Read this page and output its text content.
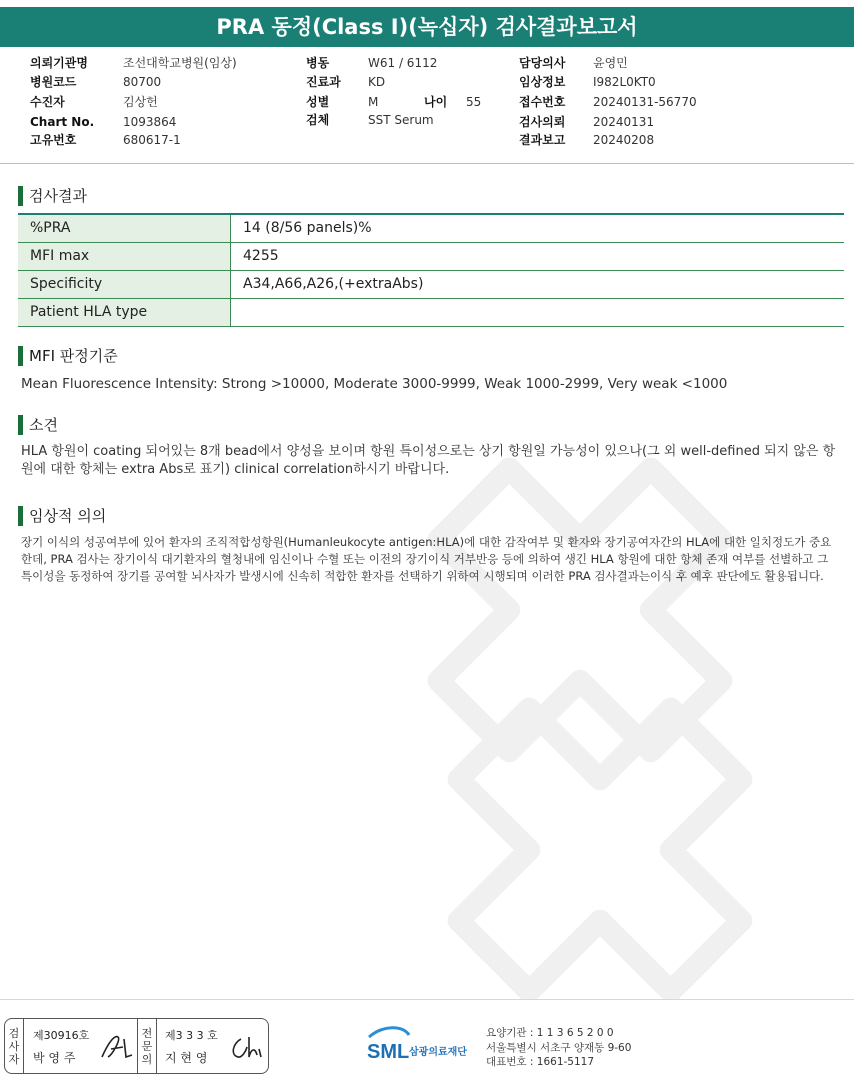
PRA 동정(Class I)(녹십자) 검사결과보고서
의뢰기관명	조선대학교병원(임상)
병원코드	80700
수진자	김상헌
Chart No. 1093864
고유번호	680617-1
병동	W61 / 6112
진료과 KD
성별	M	나이 55
검체	SST Serum
담당의사 윤영민
임상정보 I982L0KT0
접수번호 20240131-56770
검사의뢰 20240131
결과보고 20240208
검사결과
%PRA	14 (8/56 panels)%
MFI max	4255
Specificity	A34,A66,A26,(+extraAbs)
Patient HLA type	
MFI 판정기준
Mean Fluorescence Intensity: Strong >10000, Moderate 3000-9999, Weak 1000-2999, Very weak <1000
소견
HLA 항원이 coating 되어있는 8개 bead에서 양성을 보이며 항원 특이성으로는 상기 항원일 가능성이 있으나(그 외 well-defined 되지 않은 항원에 대한 항체는 extra Abs로 표기) clinical correlation하시기 바랍니다.
임상적 의의
장기 이식의 성공여부에 있어 환자의 조직적합성항원(Humanleukocyte antigen:HLA)에 대한 감작여부 및 환자와 장기공여자간의 HLA에 대한 일치정도가 중요한데, PRA 검사는 장기이식 대기환자의 혈청내에 임신이나 수혈 또는 이전의 장기이식 거부반응 등에 의하여 생긴 HLA 항원에 대한 항체 존재 여부를 선별하고 그 특이성을 동정하여 장기를 공여할 뇌사자가 발생시에 신속히 적합한 환자를 선택하기 위하여 시행되며 이러한 PRA 검사결과는이식 후 예후 판단에도 활용됩니다.
검사자
제30916호
박 영 주
전문의
제3 3 3 호
지 현 영	SML 삼광의료재단
요양기관 : 1 1 3 6 5 2 0 0
서울특별시 서초구 양재동 9-60
대표번호 : 1661-5117
